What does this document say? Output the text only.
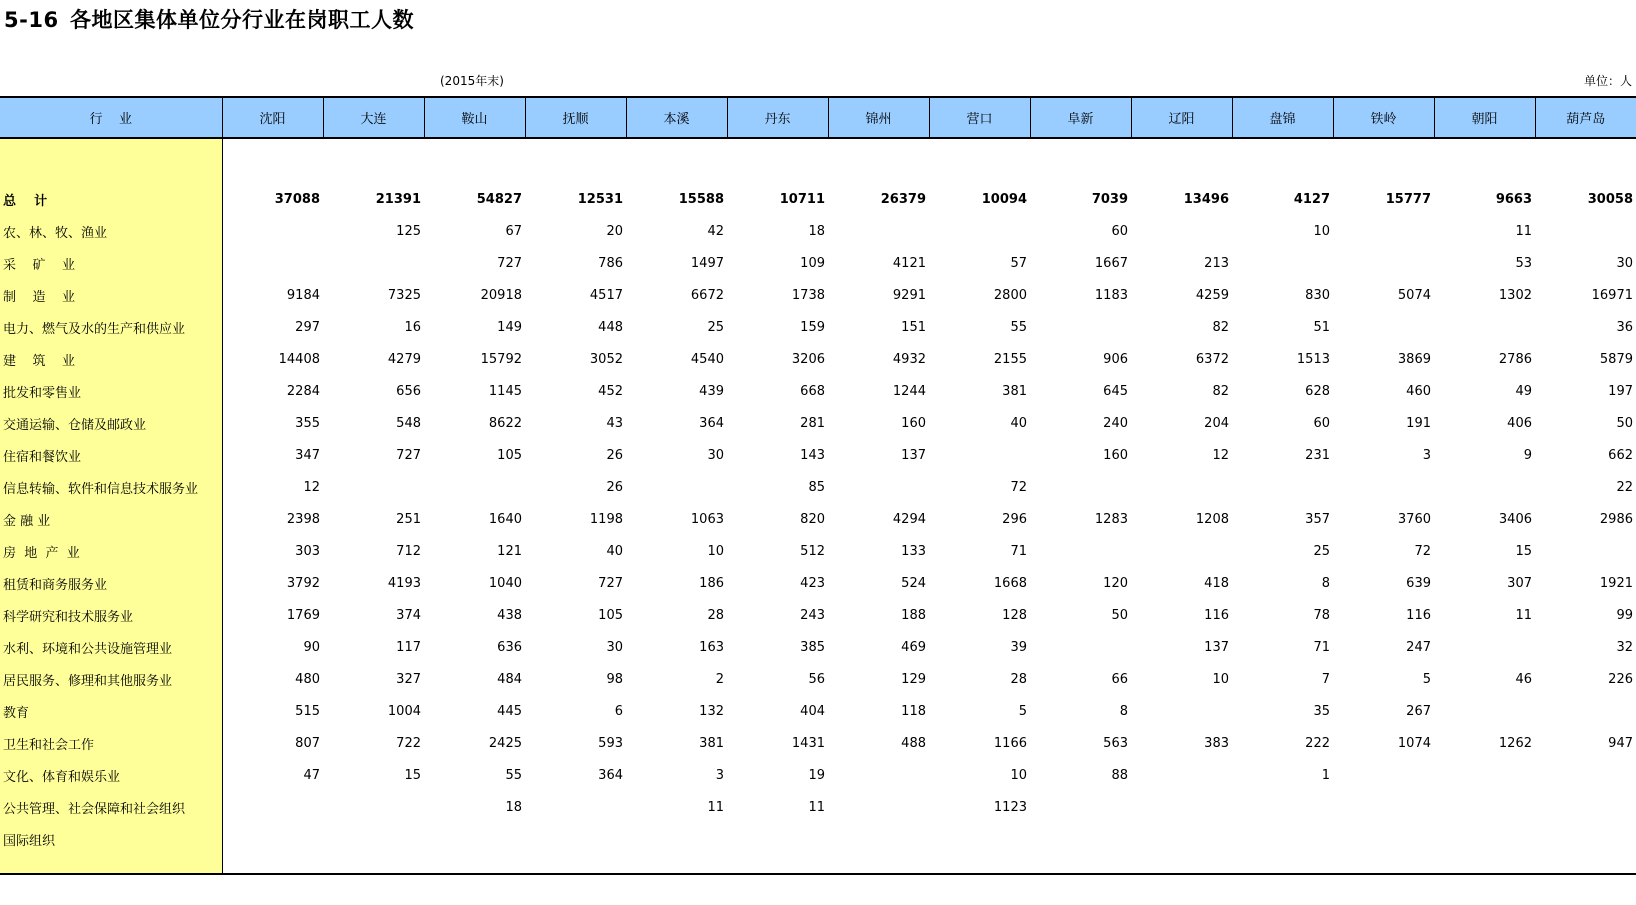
5-16 各地区集体单位分行业在岗职工人数
(2015年末)	单位：人
行    业	沈阳	大连	鞍山	抚顺	本溪	丹东	锦州	营口	阜新	辽阳	盘锦	铁岭	朝阳	葫芦岛

总    计	37088	21391	54827	12531	15588	10711	26379	10094	7039	13496	4127	15777	9663	30058
农、林、牧、渔业		125	67	20	42	18			60		10		11	
采    矿    业			727	786	1497	109	4121	57	1667	213			53	30
制    造    业	9184	7325	20918	4517	6672	1738	9291	2800	1183	4259	830	5074	1302	16971
电力、燃气及水的生产和供应业	297	16	149	448	25	159	151	55		82	51			36
建    筑    业	14408	4279	15792	3052	4540	3206	4932	2155	906	6372	1513	3869	2786	5879
批发和零售业	2284	656	1145	452	439	668	1244	381	645	82	628	460	49	197
交通运输、仓储及邮政业	355	548	8622	43	364	281	160	40	240	204	60	191	406	50
住宿和餐饮业	347	727	105	26	30	143	137		160	12	231	3	9	662
信息转输、软件和信息技术服务业	12			26		85		72						22
金 融 业	2398	251	1640	1198	1063	820	4294	296	1283	1208	357	3760	3406	2986
房  地  产  业	303	712	121	40	10	512	133	71			25	72	15	
租赁和商务服务业	3792	4193	1040	727	186	423	524	1668	120	418	8	639	307	1921
科学研究和技术服务业	1769	374	438	105	28	243	188	128	50	116	78	116	11	99
水利、环境和公共设施管理业	90	117	636	30	163	385	469	39		137	71	247		32
居民服务、修理和其他服务业	480	327	484	98	2	56	129	28	66	10	7	5	46	226
教育	515	1004	445	6	132	404	118	5	8		35	267		
卫生和社会工作	807	722	2425	593	381	1431	488	1166	563	383	222	1074	1262	947
文化、体育和娱乐业	47	15	55	364	3	19		10	88		1			
公共管理、社会保障和社会组织			18		11	11		1123						
国际组织														
